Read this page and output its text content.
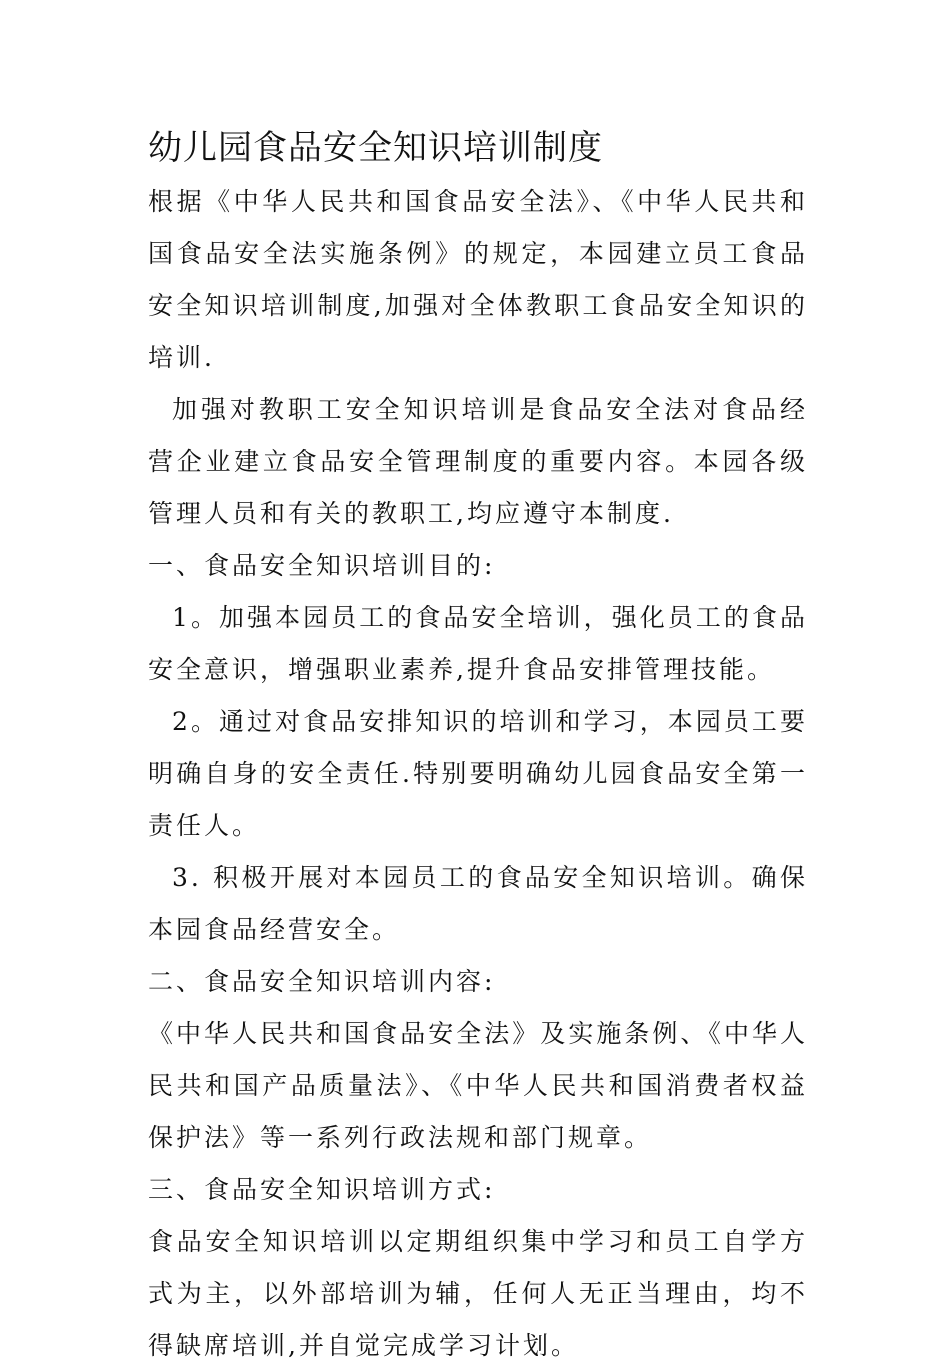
幼儿园食品安全知识培训制度

根据《中华人民共和国食品安全法》、《中华人民共和国食品安全法实施条例》的规定，本园建立员工食品安全知识培训制度,加强对全体教职工食品安全知识的培训.

加强对教职工安全知识培训是食品安全法对食品经营企业建立食品安全管理制度的重要内容。本园各级管理人员和有关的教职工,均应遵守本制度.

一、食品安全知识培训目的:

1。加强本园员工的食品安全培训，强化员工的食品安全意识，增强职业素养,提升食品安排管理技能。

2。通过对食品安排知识的培训和学习，本园员工要明确自身的安全责任.特别要明确幼儿园食品安全第一责任人。

3. 积极开展对本园员工的食品安全知识培训。确保本园食品经营安全。

二、食品安全知识培训内容:

《中华人民共和国食品安全法》及实施条例、《中华人民共和国产品质量法》、《中华人民共和国消费者权益保护法》等一系列行政法规和部门规章。

三、食品安全知识培训方式:

食品安全知识培训以定期组织集中学习和员工自学方式为主，以外部培训为辅，任何人无正当理由，均不得缺席培训,并自觉完成学习计划。
